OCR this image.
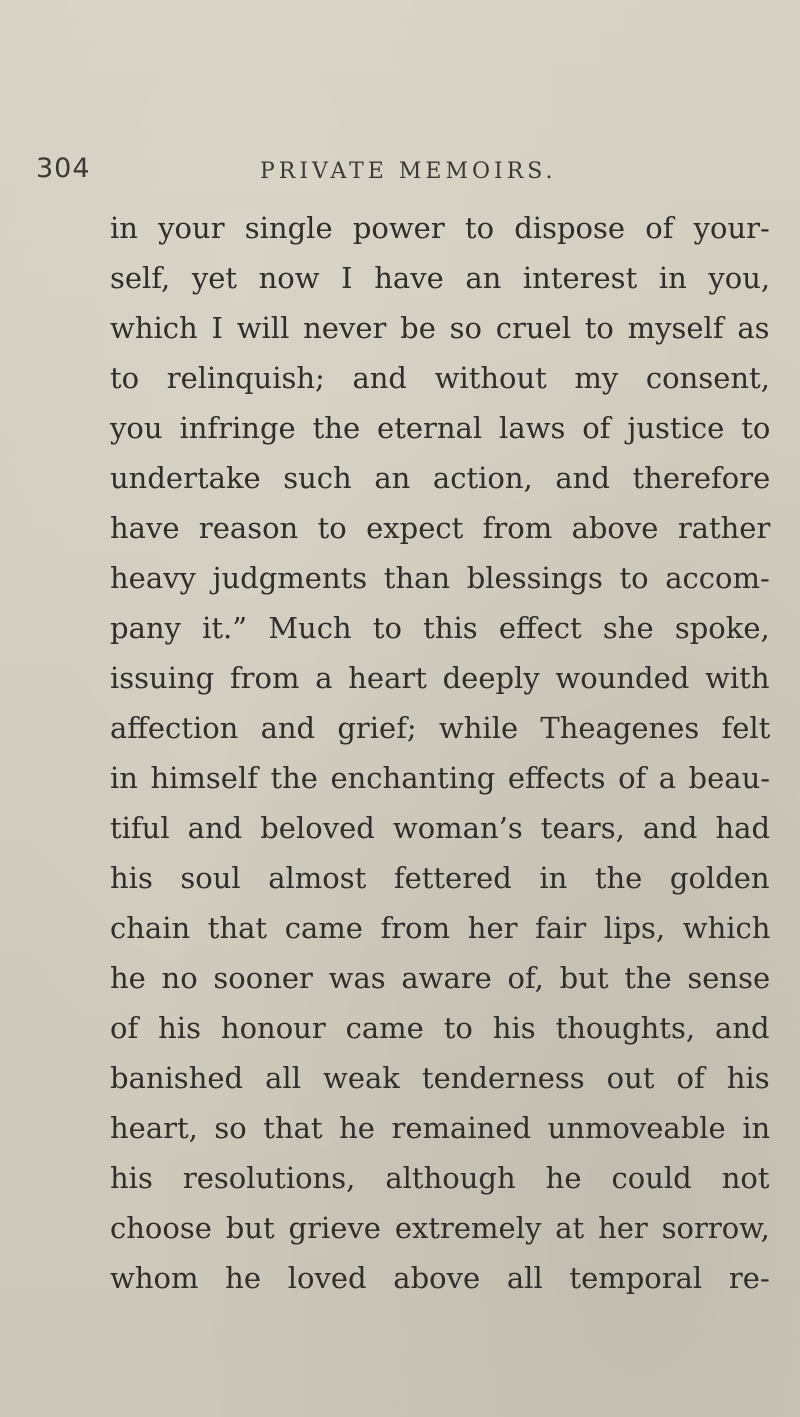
304	PRIVATE MEMOIRS.
in your single power to dispose of your-
self, yet now I have an interest in you,
which I will never be so cruel to myself as
to relinquish; and without my consent,
you infringe the eternal laws of justice to
undertake such an action, and therefore
have reason to expect from above rather
heavy judgments than blessings to accom-
pany it.” Much to this effect she spoke,
issuing from a heart deeply wounded with
affection and grief; while Theagenes felt
in himself the enchanting effects of a beau-
tiful and beloved woman’s tears, and had
his soul almost fettered in the golden
chain that came from her fair lips, which
he no sooner was aware of, but the sense
of his honour came to his thoughts, and
banished all weak tenderness out of his
heart, so that he remained unmoveable in
his resolutions, although he could not
choose but grieve extremely at her sorrow,
whom he loved above all temporal re-
